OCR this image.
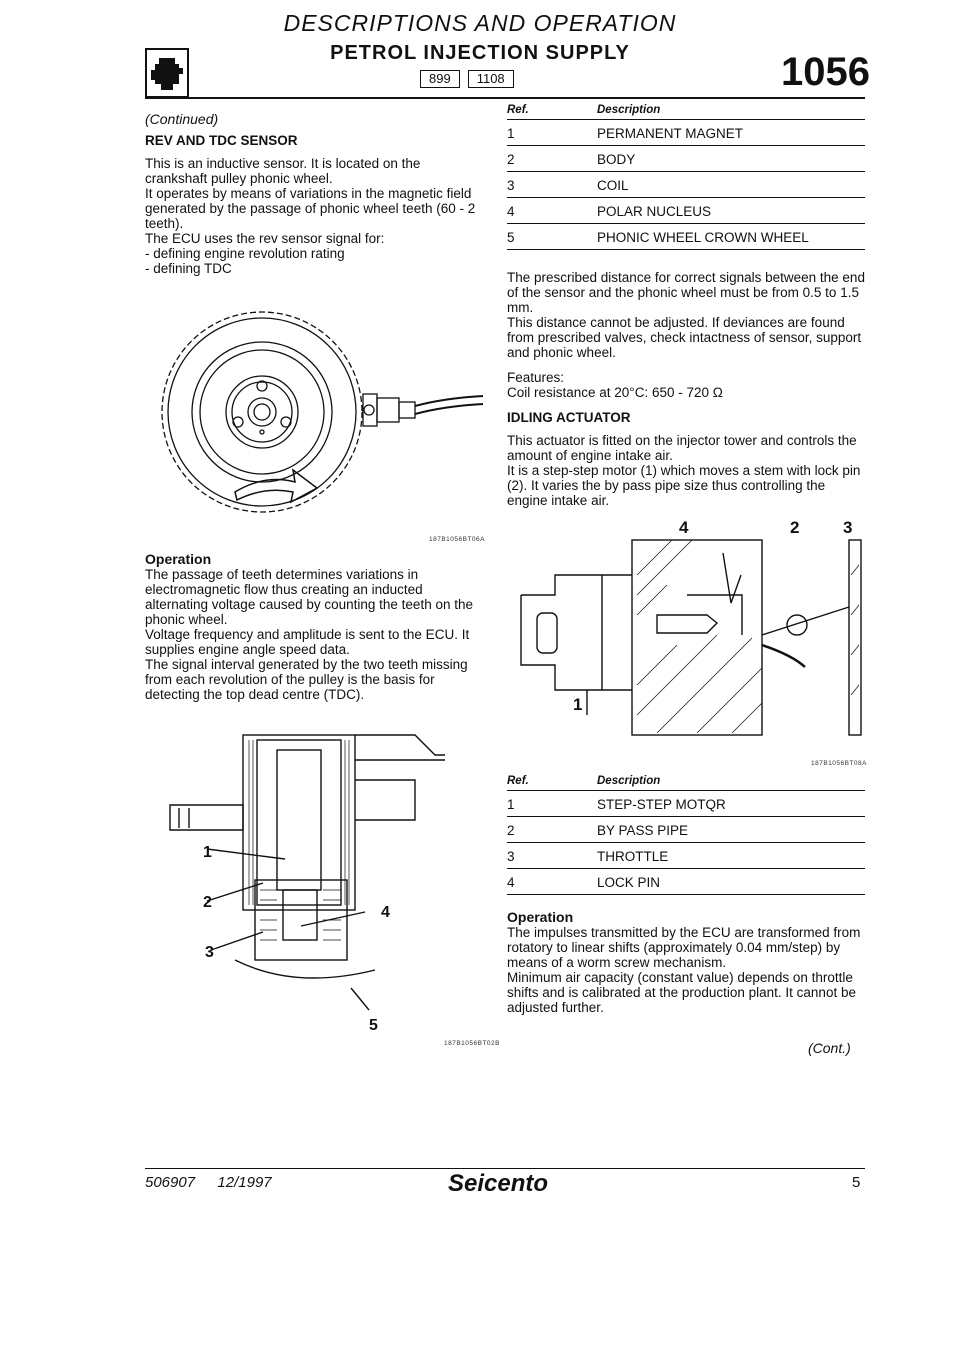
DESCRIPTIONS AND OPERATION
PETROL INJECTION SUPPLY
899	1108	1056

(Continued)

REV AND TDC SENSOR

This is an inductive sensor. It is located on the crankshaft pulley phonic wheel.

It operates by means of variations in the magnetic field generated by the passage of phonic wheel teeth (60 - 2 teeth).

The ECU uses the rev sensor signal for:

- defining engine revolution rating

- defining TDC

187B1056BT06A

Operation

The passage of teeth determines variations in electromagnetic flow thus creating an inducted alternating voltage caused by counting the teeth on the phonic wheel.

Voltage frequency and amplitude is sent to the ECU. It supplies engine angle speed data.

The signal interval generated by the two teeth missing from each revolution of the pulley is the basis for detecting the top dead centre (TDC).

1
2
3
4
5
187B1056BT02B
Ref.	Description
1	PERMANENT MAGNET
2	BODY
3	COIL
4	POLAR NUCLEUS
5	PHONIC WHEEL CROWN WHEEL

The prescribed distance for correct signals between the end of the sensor and the phonic wheel must be from 0.5 to 1.5 mm.

This distance cannot be adjusted. If deviances are found from prescribed valves, check intactness of sensor, support and phonic wheel.

Features:

Coil resistance at 20°C: 650 - 720 Ω

IDLING ACTUATOR

This actuator is fitted on the injector tower and controls the amount of engine intake air.

It is a step-step motor (1) which moves a stem with lock pin (2). It varies the by pass pipe size thus controlling the engine intake air.

4	2	3
1
187B1056BT08A
Ref.	Description
1	STEP-STEP MOTQR
2	BY PASS PIPE
3	THROTTLE
4	LOCK PIN

Operation

The impulses transmitted by the ECU are transformed from rotatory to linear shifts (approximately 0.04 mm/step) by means of a worm screw mechanism.

Minimum air capacity (constant value) depends on throttle shifts and is calibrated at the production plant. It cannot be adjusted further.

(Cont.)
506907 12/1997	Seicento	5
